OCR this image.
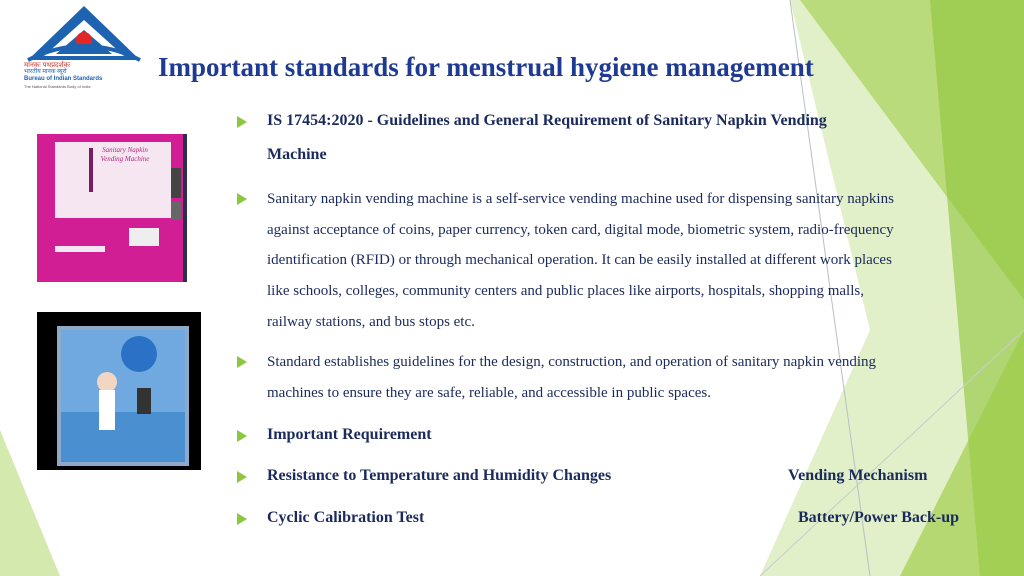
मानकः पथप्रदर्शकः
भारतीय मानक ब्यूरो
Bureau of Indian Standards
The National Standards Body of India
Important standards for menstrual hygiene management
Sanitary Napkin
Vending Machine
IS 17454:2020 - Guidelines and General Requirement of Sanitary Napkin Vending
Machine
Sanitary napkin vending machine is a self-service vending machine used for dispensing sanitary napkins
against acceptance of coins, paper currency, token card, digital mode, biometric system, radio-frequency
identification (RFID) or through mechanical operation. It can be easily installed at different work places
like schools, colleges, community centers and public places like airports, hospitals, shopping malls,
railway stations, and bus stops etc.
Standard establishes guidelines for the design, construction, and operation of sanitary napkin vending
machines to ensure they are safe, reliable, and accessible in public spaces.
Important Requirement
Resistance to Temperature and Humidity Changes	Vending Mechanism
Cyclic Calibration Test	Battery/Power Back-up
